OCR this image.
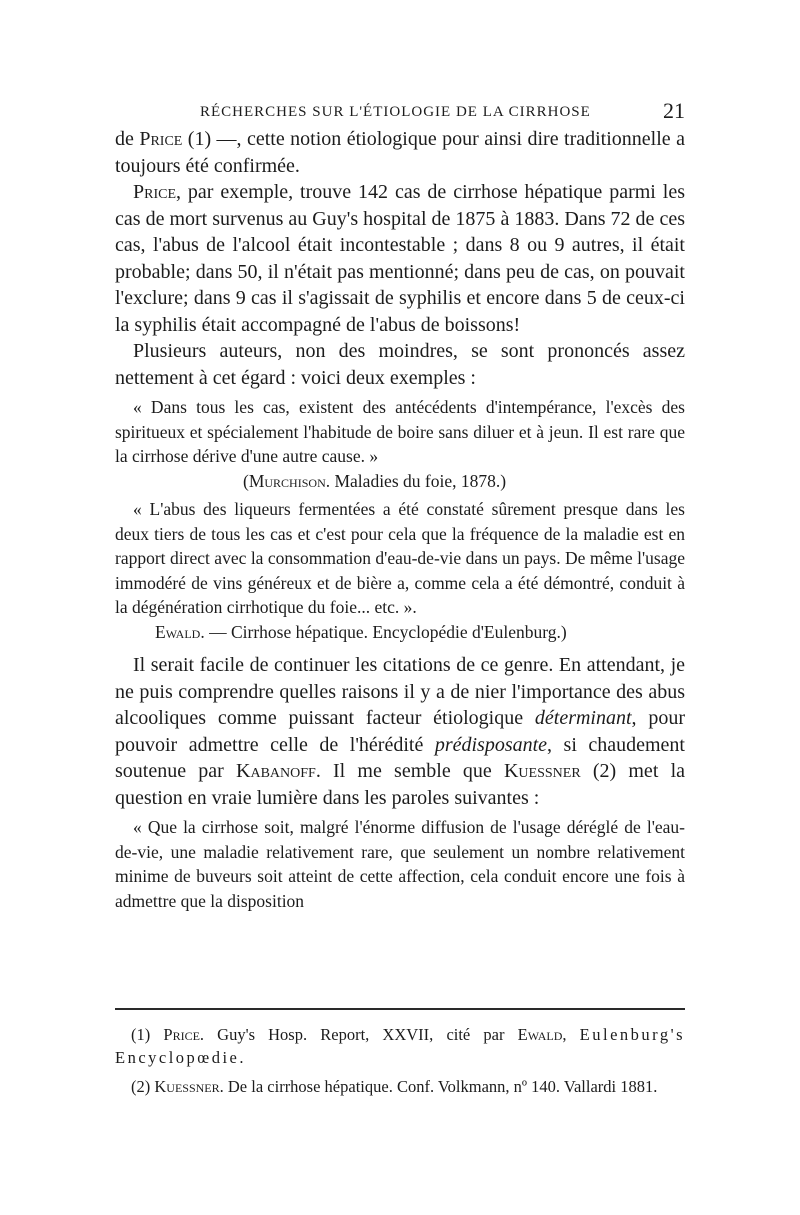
RÉCHERCHES SUR L'ÉTIOLOGIE DE LA CIRRHOSE	21

de Price (1) —, cette notion étiologique pour ainsi dire traditionnelle a toujours été confirmée.

Price, par exemple, trouve 142 cas de cirrhose hépatique parmi les cas de mort survenus au Guy's hospital de 1875 à 1883. Dans 72 de ces cas, l'abus de l'alcool était incontestable ; dans 8 ou 9 autres, il était probable; dans 50, il n'était pas mentionné; dans peu de cas, on pouvait l'exclure; dans 9 cas il s'agissait de syphilis et encore dans 5 de ceux-ci la syphilis était accompagné de l'abus de boissons!

Plusieurs auteurs, non des moindres, se sont prononcés assez nettement à cet égard : voici deux exemples :

« Dans tous les cas, existent des antécédents d'intempérance, l'excès des spiritueux et spécialement l'habitude de boire sans diluer et à jeun. Il est rare que la cirrhose dérive d'une autre cause. »

(Murchison. Maladies du foie, 1878.)

« L'abus des liqueurs fermentées a été constaté sûrement presque dans les deux tiers de tous les cas et c'est pour cela que la fréquence de la maladie est en rapport direct avec la consommation d'eau-de-vie dans un pays. De même l'usage immodéré de vins généreux et de bière a, comme cela a été démontré, conduit à la dégénération cirrhotique du foie... etc. ».

Ewald. — Cirrhose hépatique. Encyclopédie d'Eulenburg.)

Il serait facile de continuer les citations de ce genre. En attendant, je ne puis comprendre quelles raisons il y a de nier l'importance des abus alcooliques comme puissant facteur étiologique déterminant, pour pouvoir admettre celle de l'hérédité prédisposante, si chaudement soutenue par Kabanoff. Il me semble que Kuessner (2) met la question en vraie lumière dans les paroles suivantes :

« Que la cirrhose soit, malgré l'énorme diffusion de l'usage déréglé de l'eau-de-vie, une maladie relativement rare, que seulement un nombre relativement minime de buveurs soit atteint de cette affection, cela conduit encore une fois à admettre que la disposition

(1) Price. Guy's Hosp. Report, XXVII, cité par Ewald, Eulenburg's Encyclopœdie.

(2) Kuessner. De la cirrhose hépatique. Conf. Volkmann, nº 140. Vallardi 1881.
